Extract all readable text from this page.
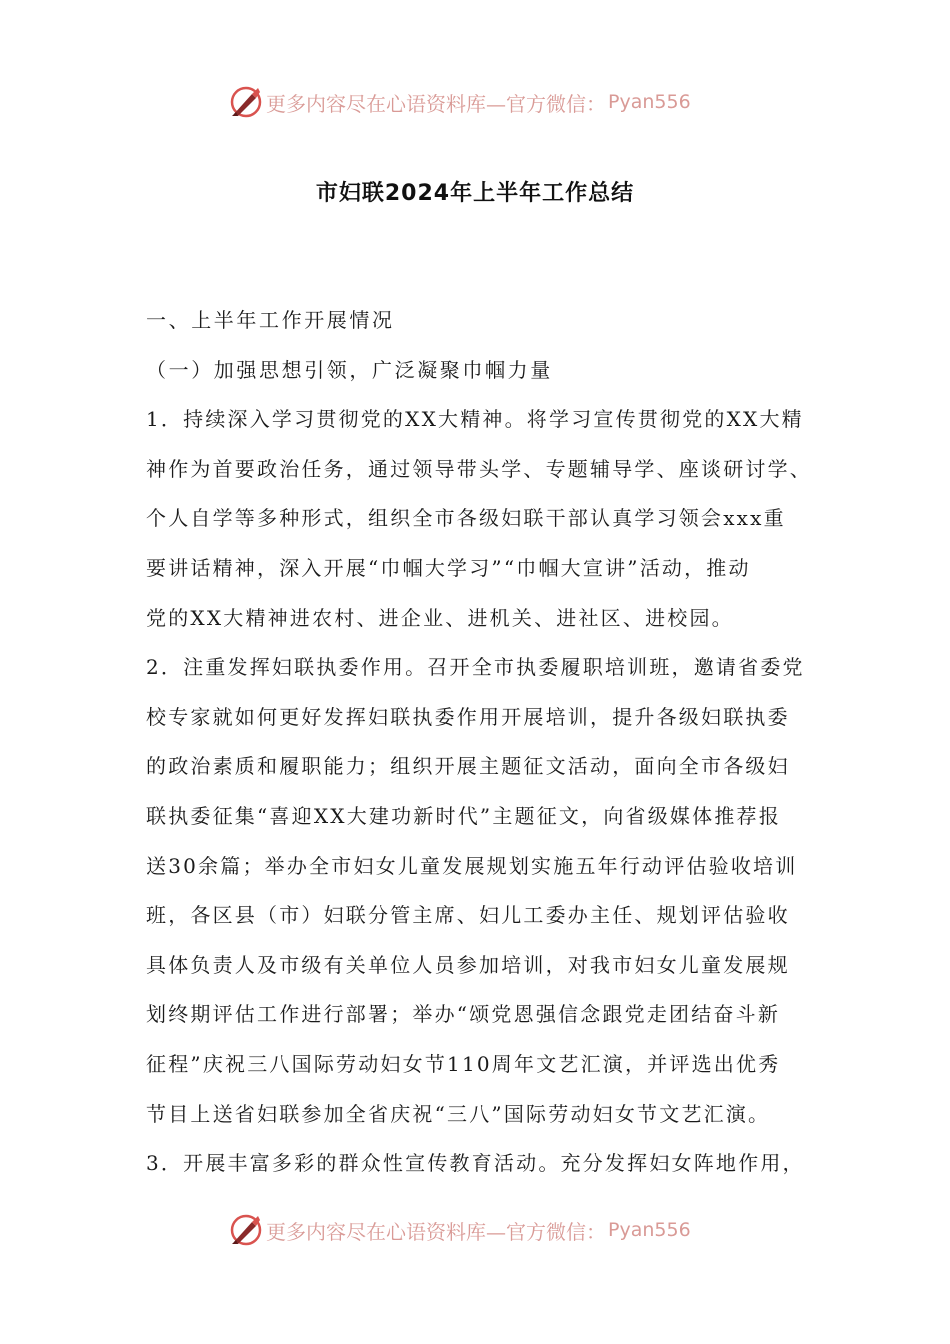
更多内容尽在心语资料库—官方微信： Pyan556
市妇联2024年上半年工作总结
一、上半年工作开展情况
（一）加强思想引领，广泛凝聚巾帼力量
1．持续深入学习贯彻党的XX大精神。将学习宣传贯彻党的XX大精
神作为首要政治任务，通过领导带头学、专题辅导学、座谈研讨学、
个人自学等多种形式，组织全市各级妇联干部认真学习领会xxx重
要讲话精神，深入开展“巾帼大学习”“巾帼大宣讲”活动，推动
党的XX大精神进农村、进企业、进机关、进社区、进校园。
2．注重发挥妇联执委作用。召开全市执委履职培训班，邀请省委党
校专家就如何更好发挥妇联执委作用开展培训，提升各级妇联执委
的政治素质和履职能力；组织开展主题征文活动，面向全市各级妇
联执委征集“喜迎XX大建功新时代”主题征文，向省级媒体推荐报
送30余篇；举办全市妇女儿童发展规划实施五年行动评估验收培训
班，各区县（市）妇联分管主席、妇儿工委办主任、规划评估验收
具体负责人及市级有关单位人员参加培训，对我市妇女儿童发展规
划终期评估工作进行部署；举办“颂党恩强信念跟党走团结奋斗新
征程”庆祝三八国际劳动妇女节110周年文艺汇演，并评选出优秀
节目上送省妇联参加全省庆祝“三八”国际劳动妇女节文艺汇演。
3．开展丰富多彩的群众性宣传教育活动。充分发挥妇女阵地作用，
更多内容尽在心语资料库—官方微信： Pyan556
